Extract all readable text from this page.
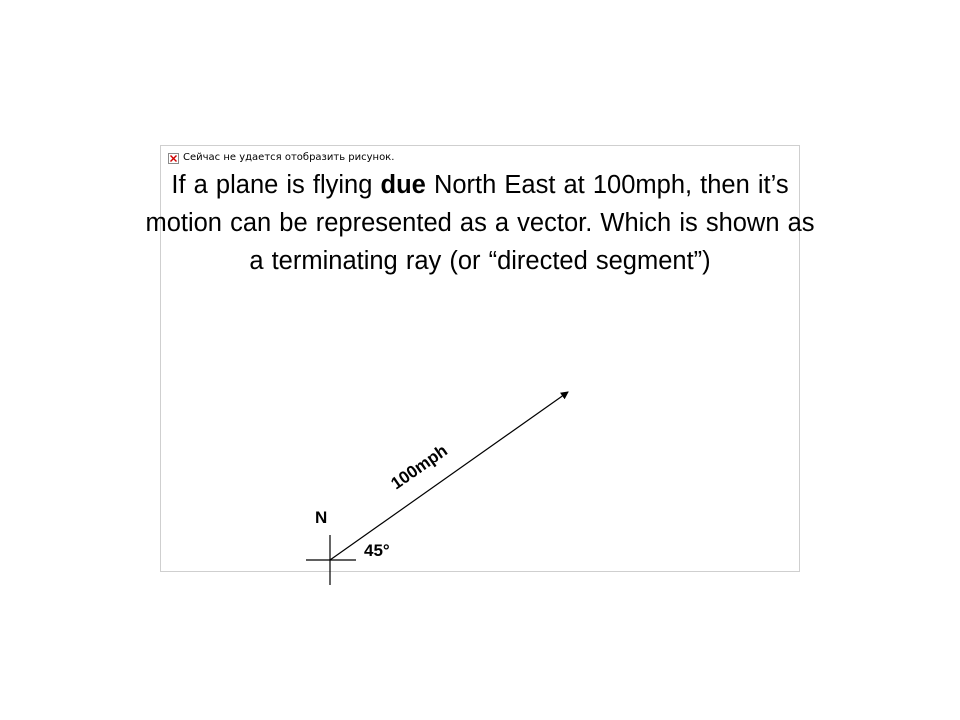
Сейчас не удается отобразить рисунок.
If a plane is flying due North East at 100mph, then it’s
motion can be represented as a vector. Which is shown as
a terminating ray (or “directed segment”)
N
45°
100mph
